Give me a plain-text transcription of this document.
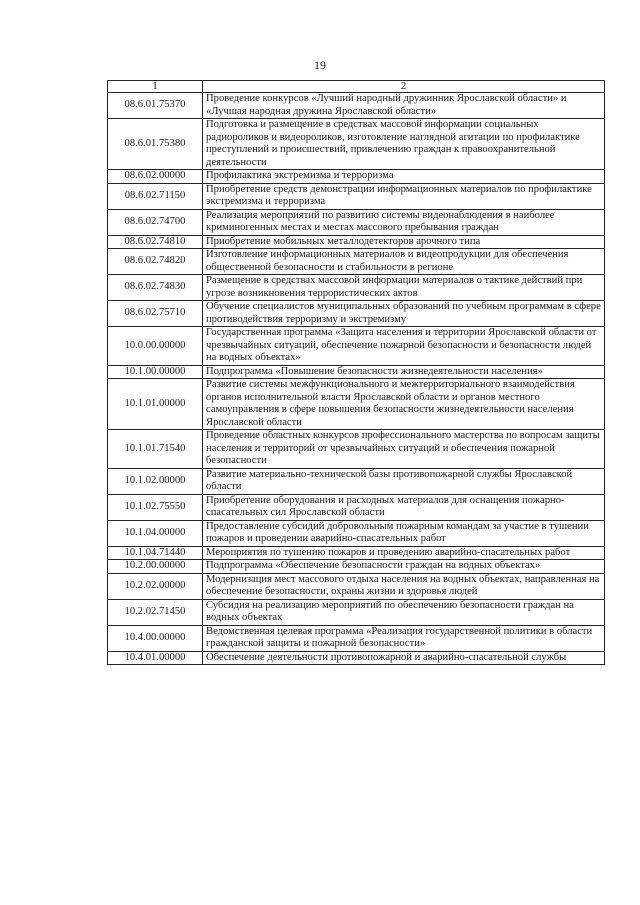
19
1	2
08.6.01.75370	Проведение конкурсов «Лучший народный дружинник Ярославской области» и «Лучшая народная дружина Ярославской области»
08.6.01.75380	Подготовка и размещение в средствах массовой информации социальных радиороликов и видеороликов, изготовление наглядной агитации по профилактике преступлений и происшествий, привлечению граждан к правоохранительной деятельности
08.6.02.00000	Профилактика экстремизма и терроризма
08.6.02.71150	Приобретение средств демонстрации информационных материалов по профилактике экстремизма и терроризма
08.6.02.74700	Реализация мероприятий по развитию системы видеонаблюдения в наиболее криминогенных местах и местах массового пребывания граждан
08.6.02.74810	Приобретение мобильных металлодетекторов арочного типа
08.6.02.74820	Изготовление информационных материалов и видеопродукции для обеспечения общественной безопасности и стабильности в регионе
08.6.02.74830	Размещение в средствах массовой информации материалов о тактике действий при угрозе возникновения террористических актов
08.6.02.75710	Обучение специалистов муниципальных образований по учебным программам в сфере противодействия терроризму и экстремизму
10.0.00.00000	Государственная программа «Защита населения и территории Ярославской области от чрезвычайных ситуаций, обеспечение пожарной безопасности и безопасности людей на водных объектах»
10.1.00.00000	Подпрограмма «Повышение безопасности жизнедеятельности населения»
10.1.01.00000	Развитие системы межфункционального и межтерриториального взаимодействия органов исполнительной власти Ярославской области и органов местного самоуправления в сфере повышения безопасности жизнедеятельности населения Ярославской области
10.1.01.71540	Проведение областных конкурсов профессионального мастерства по вопросам защиты населения и территорий от чрезвычайных ситуаций и обеспечения пожарной безопасности
10.1.02.00000	Развитие материально-технической базы противопожарной службы Ярославской области
10.1.02.75550	Приобретение оборудования и расходных материалов для оснащения пожарно-спасательных сил Ярославской области
10.1.04.00000	Предоставление субсидий добровольным пожарным командам за участие в тушении пожаров и проведении аварийно-спасательных работ
10.1.04.71440	Мероприятия по тушению пожаров и проведению аварийно-спасательных работ
10.2.00.00000	Подпрограмма «Обеспечение безопасности граждан на водных объектах»
10.2.02.00000	Модернизация мест массового отдыха населения на водных объектах, направленная на обеспечение безопасности, охраны жизни и здоровья людей
10.2.02.71450	Субсидия на реализацию мероприятий по обеспечению безопасности граждан на водных объектах
10.4.00.00000	Ведомственная целевая программа «Реализация государственной политики в области гражданской защиты и пожарной безопасности»
10.4.01.00000	Обеспечение деятельности противопожарной и аварийно-спасательной службы
